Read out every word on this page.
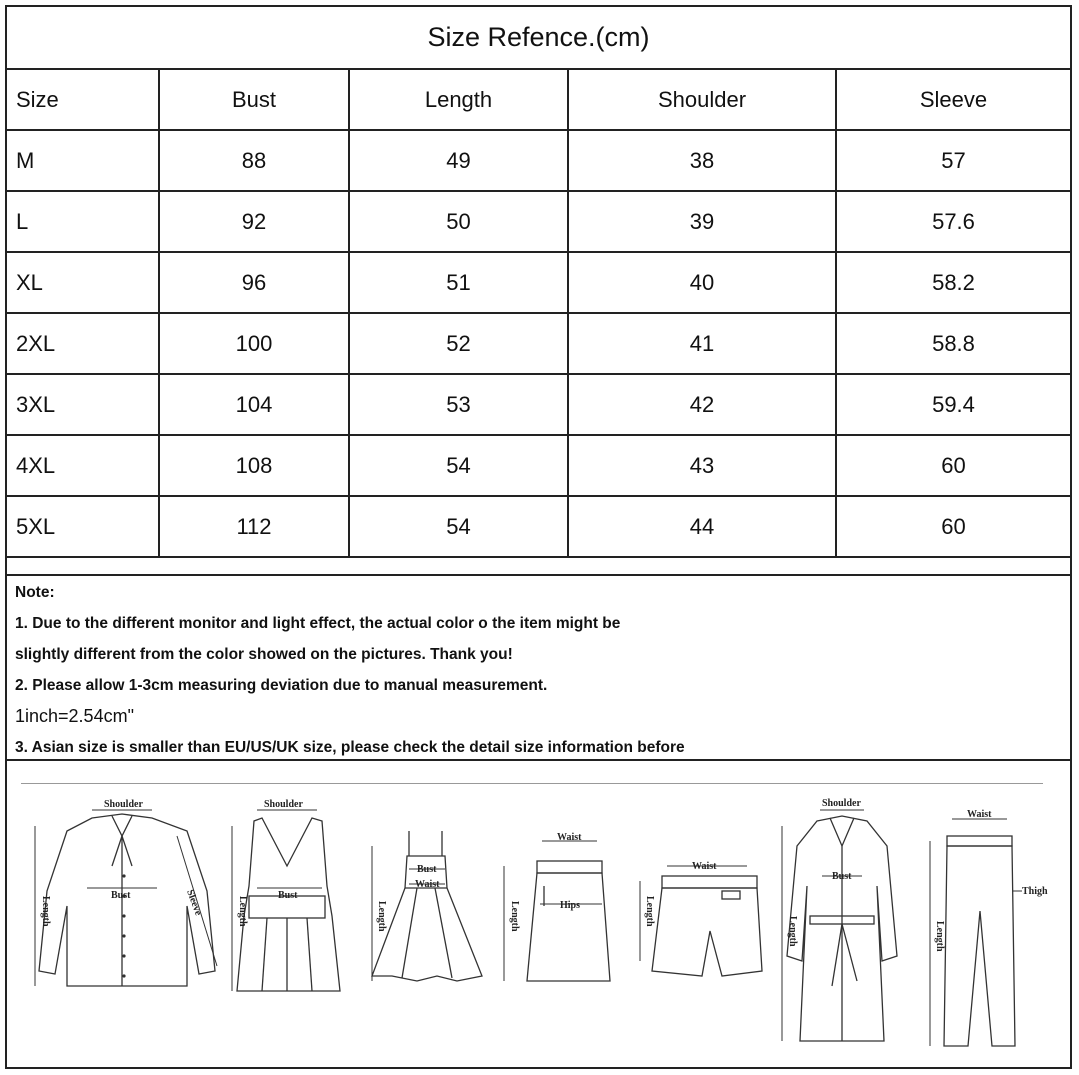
Size Refence.(cm)
Size	Bust	Length	Shoulder	Sleeve
M	88	49	38	57
L	92	50	39	57.6
XL	96	51	40	58.2
2XL	100	52	41	58.8
3XL	104	53	42	59.4
4XL	108	54	43	60
5XL	112	54	44	60
Note:
1. Due to the different monitor and light effect, the actual color o the item might be
slightly different from the color showed on the pictures. Thank you!
2. Please allow 1-3cm measuring deviation due to manual measurement.
1inch=2.54cm"
3. Asian size is smaller than EU/US/UK size, please check the detail size information before
Shoulder
Bust
Length	Sleeve
Shoulder
Bust
Length
Bust
Waist
Length
Waist
Hips
Length
Waist
Length
Shoulder
Bust
Length
Waist
Thigh
Length
